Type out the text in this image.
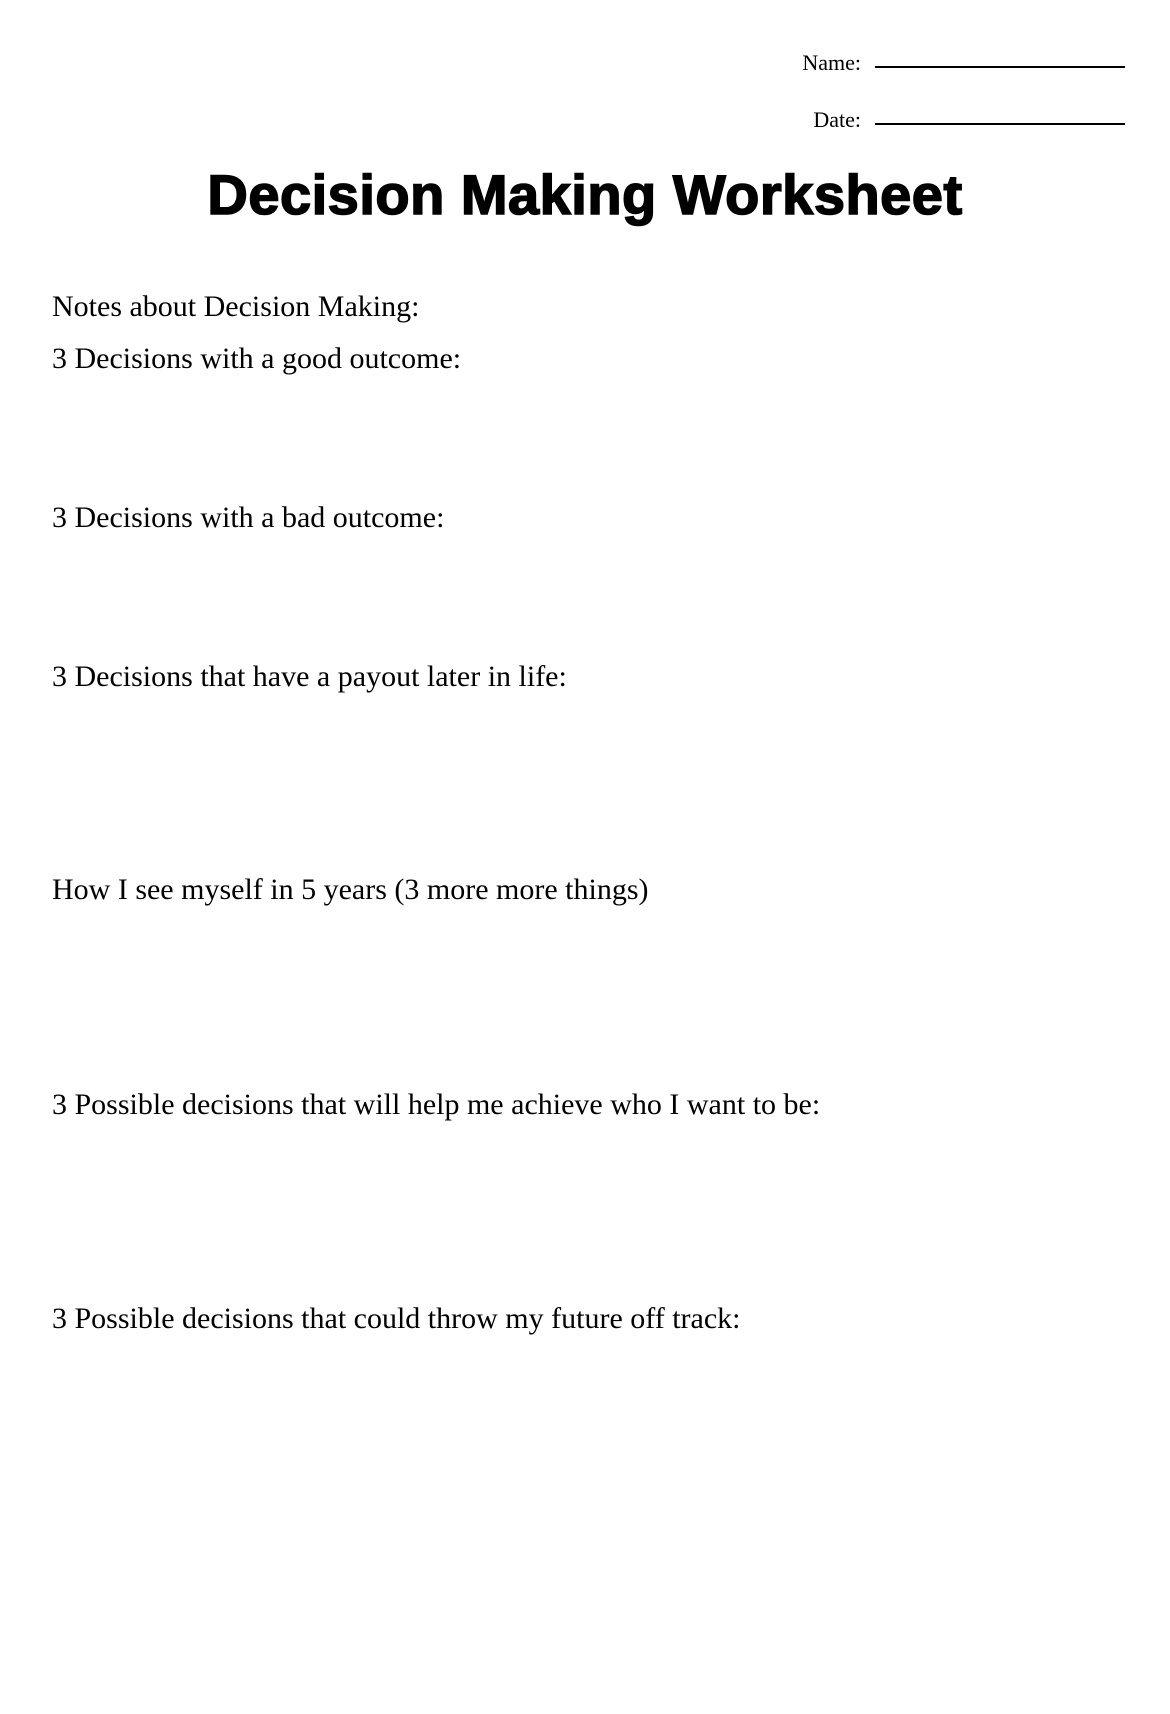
Name:
Date:
Decision Making Worksheet

Notes about Decision Making:

3 Decisions with a good outcome:

3 Decisions with a bad outcome:

3 Decisions that have a payout later in life:

How I see myself in 5 years (3 more more things)

3 Possible decisions that will help me achieve who I want to be:

3 Possible decisions that could throw my future off track:
